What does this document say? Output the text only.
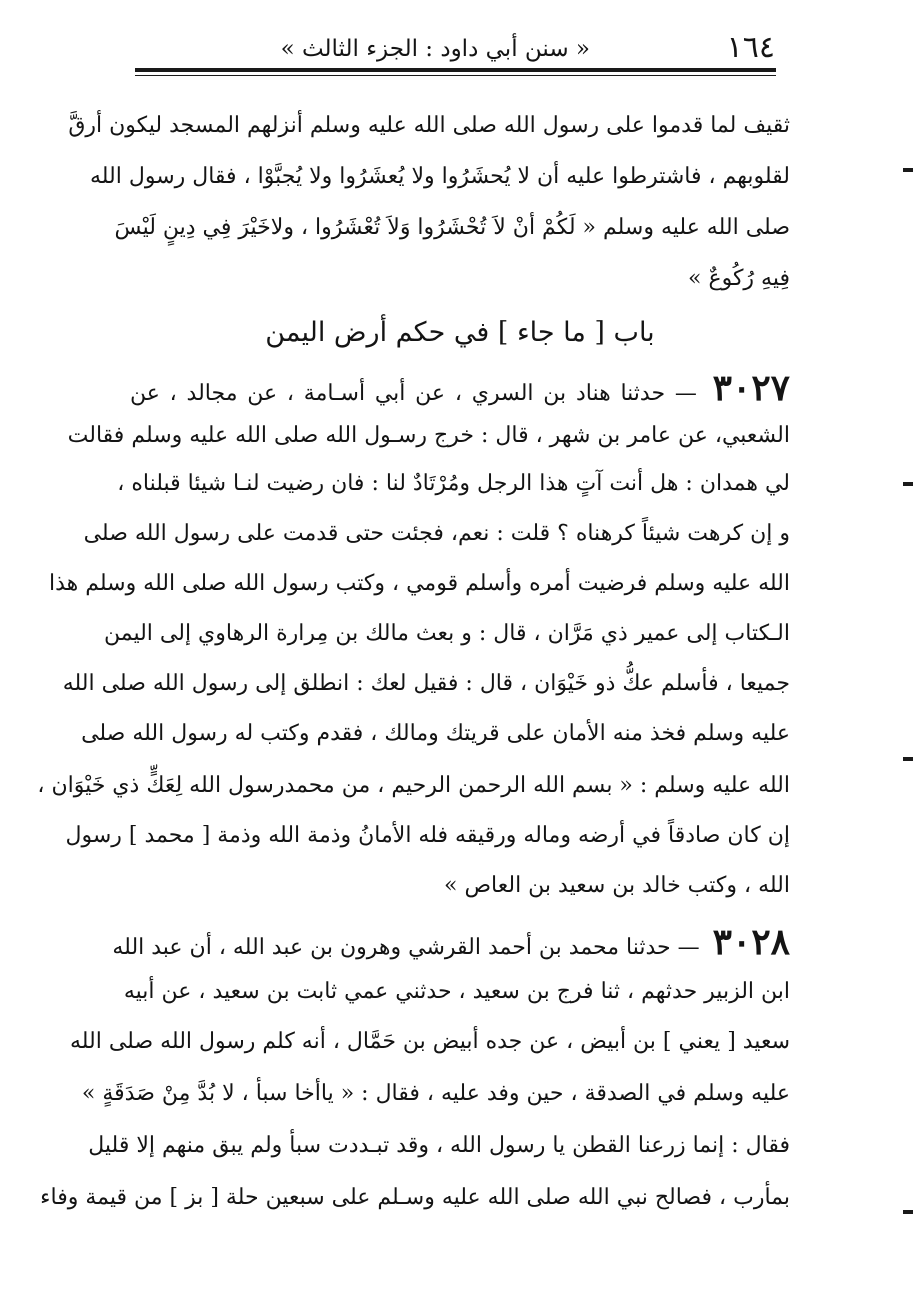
١٦٤
« سنن أبي داود : الجزء الثالث »
ثقيف لما قدموا على رسول الله صلى الله عليه وسلم أنزلهم المسجد ليكون أرقَّ
لقلوبهم ، فاشترطوا عليه أن لا يُحشَرُوا ولا يُعشَرُوا ولا يُجبَّوْا ، فقال رسول الله
صلى الله عليه وسلم « لَكُمْ أنْ لاَ تُحْشَرُوا وَلاَ تُعْشَرُوا ، ولاخَيْرَ فِي دِينٍ لَيْسَ
فِيهِ رُكُوعٌ »
باب [ ما جاء ] في حكم أرض اليمن
٣٠٢٧ — حدثنا هناد بن السري ، عن أبي أسـامة ، عن مجالد ، عن
الشعبي، عن عامر بن شهر ، قال : خرج رسـول الله صلى الله عليه وسلم فقالت
لي همدان : هل أنت آتٍ هذا الرجل ومُرْتَادٌ لنا : فان رضيت لنـا شيئا قبلناه ،
و إن كرهت شيئاً كرهناه ؟ قلت : نعم، فجئت حتى قدمت على رسول الله صلى
الله عليه وسلم فرضيت أمره وأسلم قومي ، وكتب رسول الله صلى الله وسلم هذا
الـكتاب إلى عمير ذي مَرَّان ، قال : و بعث مالك بن مِرارة الرهاوي إلى اليمن
جميعا ، فأسلم عكُّ ذو خَيْوَان ، قال : فقيل لعك : انطلق إلى رسول الله صلى الله
عليه وسلم فخذ منه الأمان على قريتك ومالك ، فقدم وكتب له رسول الله صلى
الله عليه وسلم : « بسم الله الرحمن الرحيم ، من محمدرسول الله لِعَكٍّ ذي خَيْوَان ،
إن كان صادقاً في أرضه وماله ورقيقه فله الأمانُ وذمة الله وذمة [ محمد ] رسول
الله ، وكتب خالد بن سعيد بن العاص »
٣٠٢٨ — حدثنا محمد بن أحمد القرشي وهرون بن عبد الله ، أن عبد الله
ابن الزبير حدثهم ، ثنا فرج بن سعيد ، حدثني عمي ثابت بن سعيد ، عن أبيه
سعيد [ يعني ] بن أبيض ، عن جده أبيض بن حَمَّال ، أنه كلم رسول الله صلى الله
عليه وسلم في الصدقة ، حين وفد عليه ، فقال : « ياأخا سبأ ، لا بُدَّ مِنْ صَدَقَةٍ »
فقال : إنما زرعنا القطن يا رسول الله ، وقد تبـددت سبأ ولم يبق منهم إلا قليل
بمأرب ، فصالح نبي الله صلى الله عليه وسـلم على سبعين حلة [ بز ] من قيمة وفاء
